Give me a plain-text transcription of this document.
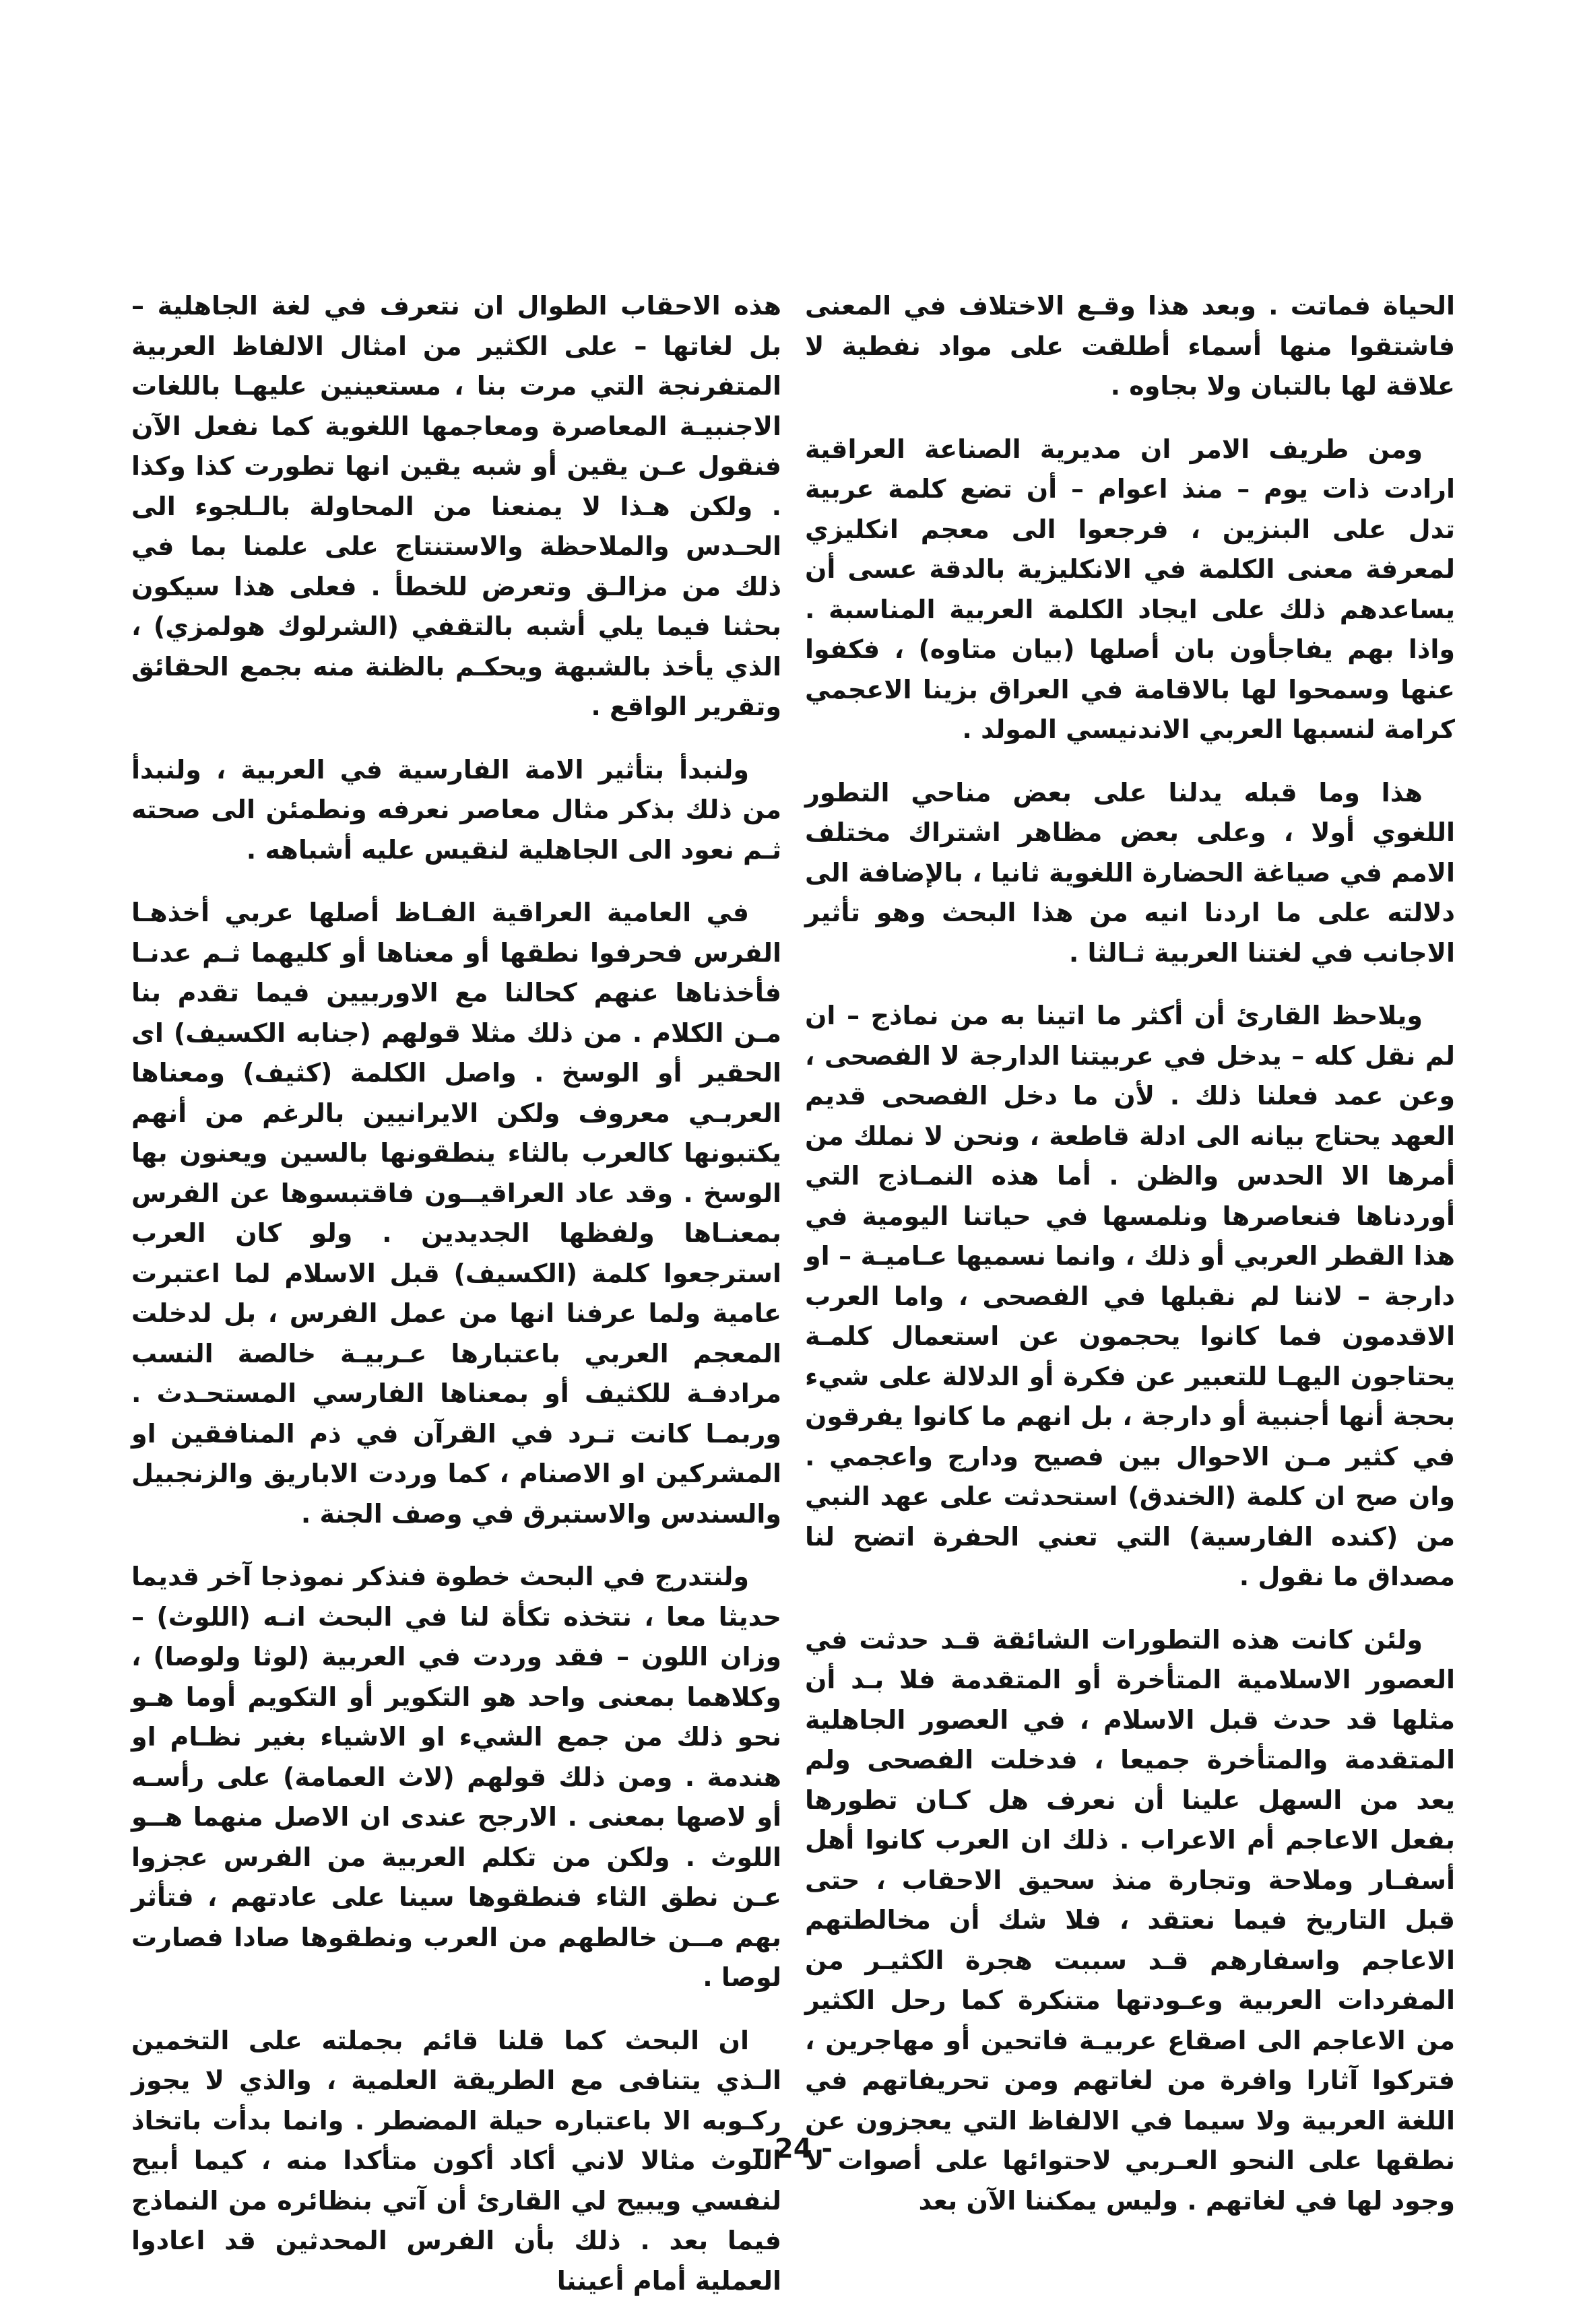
الحياة فماتت . وبعد هذا وقـع الاختلاف في المعنى فاشتقوا منها أسماء أطلقت على مواد نفطية لا علاقة لها بالتبان ولا بجاوه .

ومن طريف الامر ان مديرية الصناعة العراقية ارادت ذات يوم – منذ اعوام – أن تضع كلمة عربية تدل على البنزين ، فرجعوا الى معجم انكليزي لمعرفة معنى الكلمة في الانكليزية بالدقة عسى أن يساعدهم ذلك على ايجاد الكلمة العربية المناسبة . واذا بهم يفاجأون بان أصلها (بيان متاوه) ، فكفوا عنها وسمحوا لها بالاقامة في العراق بزينا الاعجمي كرامة لنسبها العربي الاندنيسي المولد .

هذا وما قبله يدلنا على بعض مناحي التطور اللغوي أولا ، وعلى بعض مظاهر اشتراك مختلف الامم في صياغة الحضارة اللغوية ثانيا ، بالإضافة الى دلالته على ما اردنا انيه من هذا البحث وهو تأثير الاجانب في لغتنا العربية ثـالثا .

ويلاحظ القارئ أن أكثر ما اتينا به من نماذج – ان لم نقل كله – يدخل في عربيتنا الدارجة لا الفصحى ، وعن عمد فعلنا ذلك . لأن ما دخل الفصحى قديم العهد يحتاج بيانه الى ادلة قاطعة ، ونحن لا نملك من أمرها الا الحدس والظن . أما هذه النمـاذج التي أوردناها فنعاصرها ونلمسها في حياتنا اليومية في هذا القطر العربي أو ذلك ، وانما نسميها عـاميـة – او دارجة – لاننا لم نقبلها في الفصحى ، واما العرب الاقدمون فما كانوا يحجمون عن استعمال كلمـة يحتاجون اليهـا للتعبير عن فكرة أو الدلالة على شيء بحجة أنها أجنبية أو دارجة ، بل انهم ما كانوا يفرقون في كثير مـن الاحوال بين فصيح ودارج واعجمي . وان صح ان كلمة (الخندق) استحدثت على عهد النبي من (كنده الفارسية) التي تعني الحفرة اتضح لنا مصداق ما نقول .

ولئن كانت هذه التطورات الشائقة قـد حدثت في العصور الاسلامية المتأخرة أو المتقدمة فلا بـد أن مثلها قد حدث قبل الاسلام ، في العصور الجاهلية المتقدمة والمتأخرة جميعا ، فدخلت الفصحى ولم يعد من السهل علينا أن نعرف هل كـان تطورها بفعل الاعاجم أم الاعراب . ذلك ان العرب كانوا أهل أسفـار وملاحة وتجارة منذ سحيق الاحقاب ، حتى قبل التاريخ فيما نعتقد ، فلا شك أن مخالطتهم الاعاجم واسفارهم قـد سببت هجرة الكثيـر من المفردات العربية وعـودتها متنكرة كما رحل الكثير من الاعاجم الى اصقاع عربيـة فاتحين أو مهاجرين ، فتركوا آثارا وافرة من لغاتهم ومن تحريفاتهم في اللغة العربية ولا سيما في الالفاظ التي يعجزون عن نطقها على النحو العـربي لاحتوائها على أصوات لا وجود لها في لغاتهم . وليس يمكننا الآن بعد

هذه الاحقاب الطوال ان نتعرف في لغة الجاهلية – بل لغاتها – على الكثير من امثال الالفاظ العربية المتفرنجة التي مرت بنا ، مستعينين عليهـا باللغات الاجنبيـة المعاصرة ومعاجمها اللغوية كما نفعل الآن فنقول عـن يقين أو شبه يقين انها تطورت كذا وكذا . ولكن هـذا لا يمنعنا من المحاولة بالـلجوء الى الحـدس والملاحظة والاستنتاج على علمنا بما في ذلك من مزالـق وتعرض للخطأ . فعلى هذا سيكون بحثنا فيما يلي أشبه بالتقفي (الشرلوك هولمزي) ، الذي يأخذ بالشبهة ويحكـم بالظنة منه بجمع الحقائق وتقرير الواقع .

ولنبدأ بتأثير الامة الفارسية في العربية ، ولنبدأ من ذلك بذكر مثال معاصر نعرفه ونطمئن الى صحته ثـم نعود الى الجاهلية لنقيس عليه أشباهه .

في العامية العراقية الفـاظ أصلها عربي أخذهـا الفرس فحرفوا نطقها أو معناها أو كليهما ثـم عدنـا فأخذناها عنهم كحالنا مع الاوربيين فيما تقدم بنا مـن الكلام . من ذلك مثلا قولهم (جنابه الكسيف) اى الحقير أو الوسخ . واصل الكلمة (كثيف) ومعناها العربـي معروف ولكن الايرانيين بالرغم من أنهم يكتبونها كالعرب بالثاء ينطقونها بالسين ويعنون بها الوسخ . وقد عاد العراقيــون فاقتبسوها عن الفرس بمعنـاها ولفظها الجديدين . ولو كان العرب استرجعوا كلمة (الكسيف) قبل الاسلام لما اعتبرت عامية ولما عرفنا انها من عمل الفرس ، بل لدخلت المعجم العربي باعتبارها عـربيـة خالصة النسب مرادفـة للكثيف أو بمعناها الفارسي المستحـدث . وربمـا كانت تـرد في القرآن في ذم المنافقين او المشركين او الاصنام ، كما وردت الاباريق والزنجبيل والسندس والاستبرق في وصف الجنة .

ولنتدرج في البحث خطوة فنذكر نموذجا آخر قديما حديثا معا ، نتخذه تكأة لنا في البحث انـه (اللوث) – وزان اللون – فقد وردت في العربية (لوثا ولوصا) ، وكلاهما بمعنى واحد هو التكوير أو التكويم أوما هـو نحو ذلك من جمع الشيء او الاشياء بغير نظـام او هندمة . ومن ذلك قولهم (لاث العمامة) على رأسـه أو لاصها بمعنى . الارجح عندى ان الاصل منهما هــو اللوث . ولكن من تكلم العربية من الفرس عجزوا عـن نطق الثاء فنطقوها سينا على عادتهم ، فتأثر بهم مــن خالطهم من العرب ونطقوها صادا فصارت لوصا .

ان البحث كما قلنا قائم بجملته على التخمين الـذي يتنافى مع الطريقة العلمية ، والذي لا يجوز ركـوبه الا باعتباره حيلة المضطر . وانما بدأت باتخاذ اللوث مثالا لاني أكاد أكون متأكدا منه ، كيما أبيح لنفسي ويبيح لي القارئ أن آتي بنظائره من النماذج فيما بعد . ذلك بأن الفرس المحدثين قد اعادوا العملية أمام أعيننا

– 24 -
